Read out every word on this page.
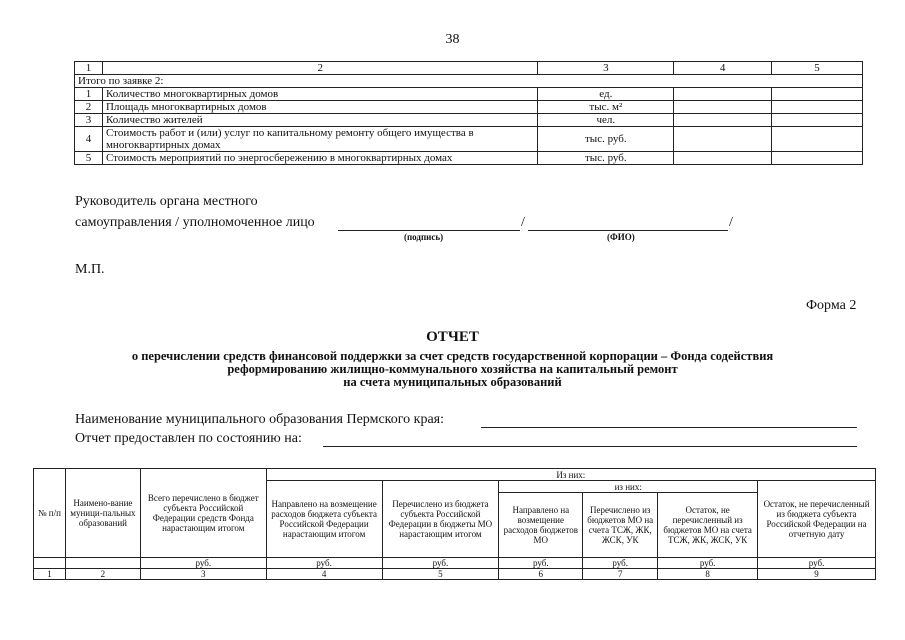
38
1	2	3	4	5
Итого по заявке 2:				
1	Количество многоквартирных домов	ед.		
2	Площадь многоквартирных домов	тыс. м²		
3	Количество жителей	чел.		
4	Стоимость работ и (или) услуг по капитальному ремонту общего имущества в многоквартирных домах	тыс. руб.		
5	Стоимость мероприятий по энергосбережению в многоквартирных домах	тыс. руб.		
Руководитель органа местного
самоуправления / уполномоченное лицо	/	/
(подпись)	(ФИО)
М.П.
Форма 2
ОТЧЕТ
о перечислении средств финансовой поддержки за счет средств государственной корпорации – Фонда содействия
реформированию жилищно-коммунального хозяйства на капитальный ремонт
на счета муниципальных образований
Наименование муниципального образования Пермского края:
Отчет предоставлен по состоянию на:
№ п/п	Наимено-вание муници-пальных образований	Всего перечислено в бюджет субъекта Российской Федерации средств Фонда нарастающим итогом	Из них:					
			Направлено на возмещение расходов бюджета субъекта Российской Федерации нарастающим итогом	Перечислено из бюджета субъекта Российской Федерации в бюджеты МО нарастающим итогом	из них:			Остаток, не перечисленный из бюджета субъекта Российской Федерации на отчетную дату
					Направлено на возмещение расходов бюджетов МО	Перечислено из бюджетов МО на счета ТСЖ, ЖК, ЖСК, УК	Остаток, не перечисленный из бюджетов МО на счета ТСЖ, ЖК, ЖСК, УК	
		руб.	руб.	руб.	руб.	руб.	руб.	руб.
1	2	3	4	5	6	7	8	9
